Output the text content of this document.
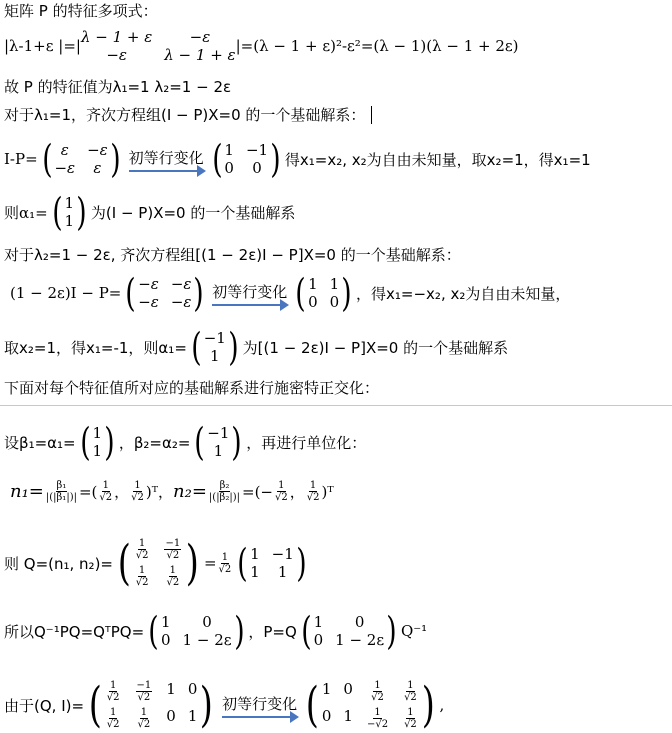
矩阵 P 的特征多项式：
|λ-1+ε |=| λ − 1 + ε	−ε
−ε	λ − 1 + ε |=(λ − 1 + ε)²-ε²=(λ − 1)(λ − 1 + 2ε)
故 P 的特征值为λ₁=1 λ₂=1 − 2ε
对于λ₁=1，齐次方程组(I − P)X=0 的一个基础解系：
I-P= ( ε	−ε
−ε	ε ) 初等行变化 ( 1 −1
0	0 ) 得x₁=x₂, x₂为自由未知量，取x₂=1，得x₁=1
则α₁= ( 1
1 ) 为(I − P)X=0 的一个基础解系
对于λ₂=1 − 2ε, 齐次方程组[(1 − 2ε)I − P]X=0 的一个基础解系：
(1 − 2ε)I − P= ( −ε −ε
−ε −ε ) 初等行变化 ( 1 1
0 0 ) ，得x₁=−x₂, x₂为自由未知量，
取x₂=1，得x₁=-1，则α₁= ( −1
1 ) 为[(1 − 2ε)I − P]X=0 的一个基础解系
下面对每个特征值所对应的基础解系进行施密特正交化：
设β₁=α₁= ( 1
1 ) ，β₂=α₂= ( −1
1 ) ，再进行单位化：
$n_1= \frac{\text{β₁}}{\text{|(|β₁|)|}}$ =( $\frac{1}{√2}$ ， $\frac{1}{√2}$ )ᵀ， $n_2= \frac{\text{β₂}}{\text{|(|β₂|)|}}$ =(− $\frac{1}{√2}$ ， $\frac{1}{√2}$ )ᵀ
则 Q=(n₁, n₂)= ( $\frac{1}{√2} \frac{-1}{√2}$
$\frac{1}{√2} \frac{1}{√2}$ ) = $\frac{1}{√2}$ ( 1 −1
1	1 )
所以Q⁻¹PQ=QᵀPQ= ( 1	0
0 1 − 2ε ) ，P=Q ( 1	0
0 1 − 2ε ) Q⁻¹
由于(Q, I)= ( $\frac{1}{√2} \frac{-1}{√2} 1$ 0
$\frac{1}{√2} \frac{1}{√2} 0$ 1 ) 初等行变化 ( 1 $0 \frac{1}{√2} \frac{1}{√2}$
0 $1 \frac{1}{-√2} \frac{1}{√2}$ ) ,
